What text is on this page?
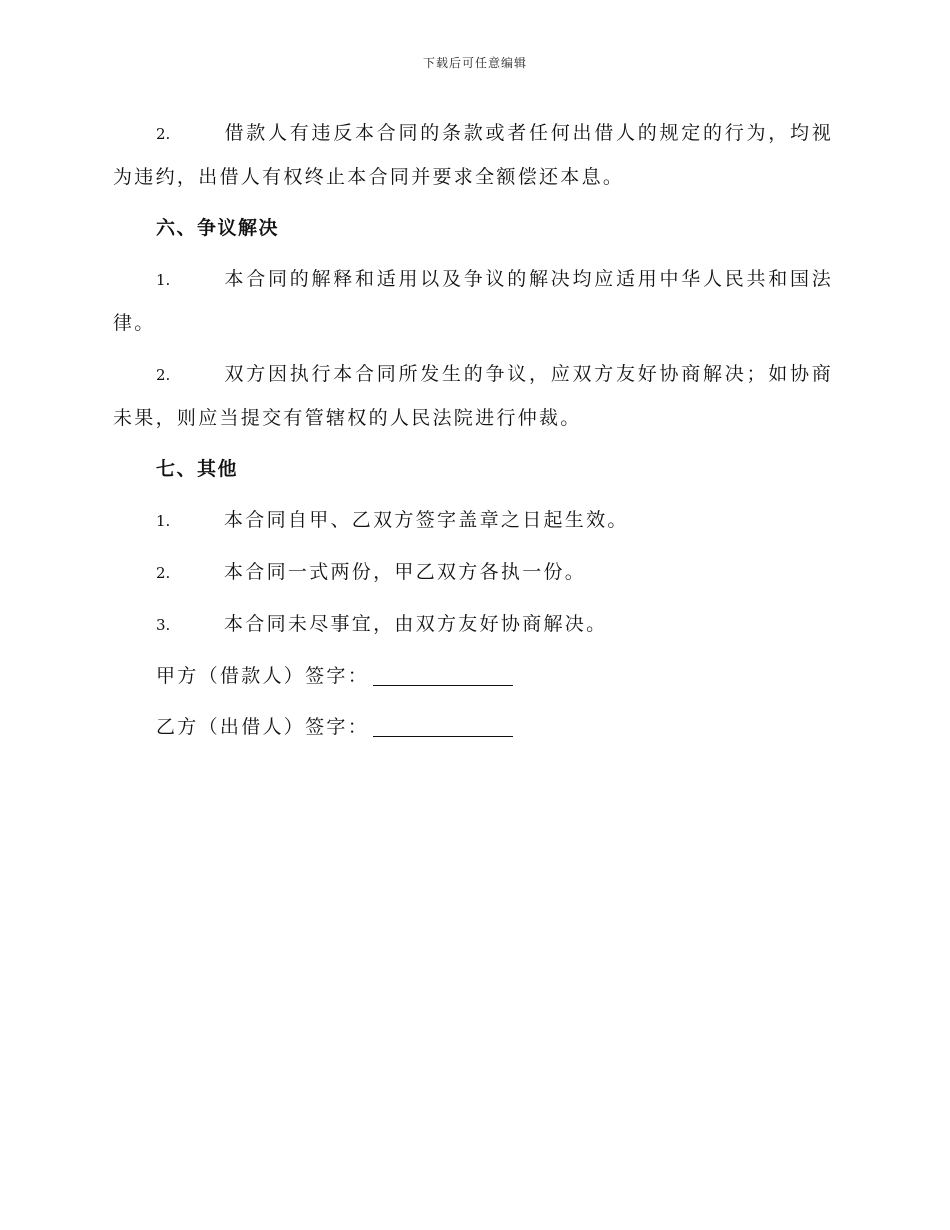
下载后可任意编辑

2.	借款人有违反本合同的条款或者任何出借人的规定的行为，均视为违约，出借人有权终止本合同并要求全额偿还本息。

六、争议解决

1.	本合同的解释和适用以及争议的解决均应适用中华人民共和国法律。

2.	双方因执行本合同所发生的争议，应双方友好协商解决；如协商未果，则应当提交有管辖权的人民法院进行仲裁。

七、其他

1.	本合同自甲、乙双方签字盖章之日起生效。

2.	本合同一式两份，甲乙双方各执一份。

3.	本合同未尽事宜，由双方友好协商解决。

甲方（借款人）签字：
乙方（出借人）签字：
